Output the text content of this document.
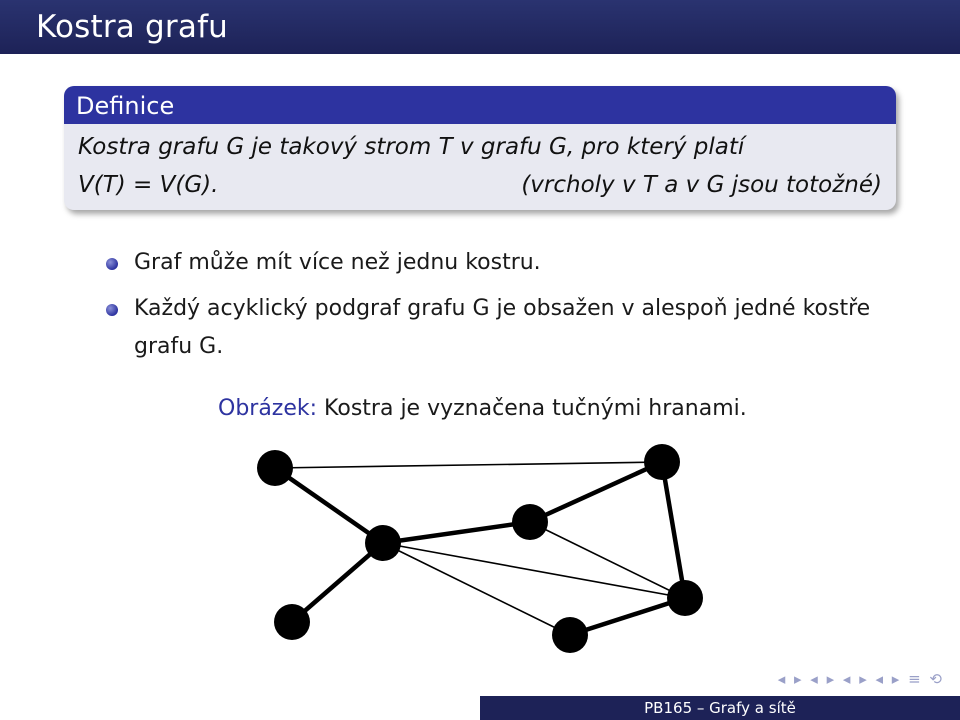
Kostra grafu
Definice
Kostra grafu G je takový strom T v grafu G, pro který platí
V(T) = V(G).	(vrcholy v T a v G jsou totožné)
Graf může mít více než jednu kostru.
Každý acyklický podgraf grafu G je obsažen v alespoň jedné kostře grafu G.
Obrázek: Kostra je vyznačena tučnými hranami.
◂ ▸ ◂ ▸ ◂ ▸ ◂ ▸ ≡ ⟲
PB165 – Grafy a sítě
